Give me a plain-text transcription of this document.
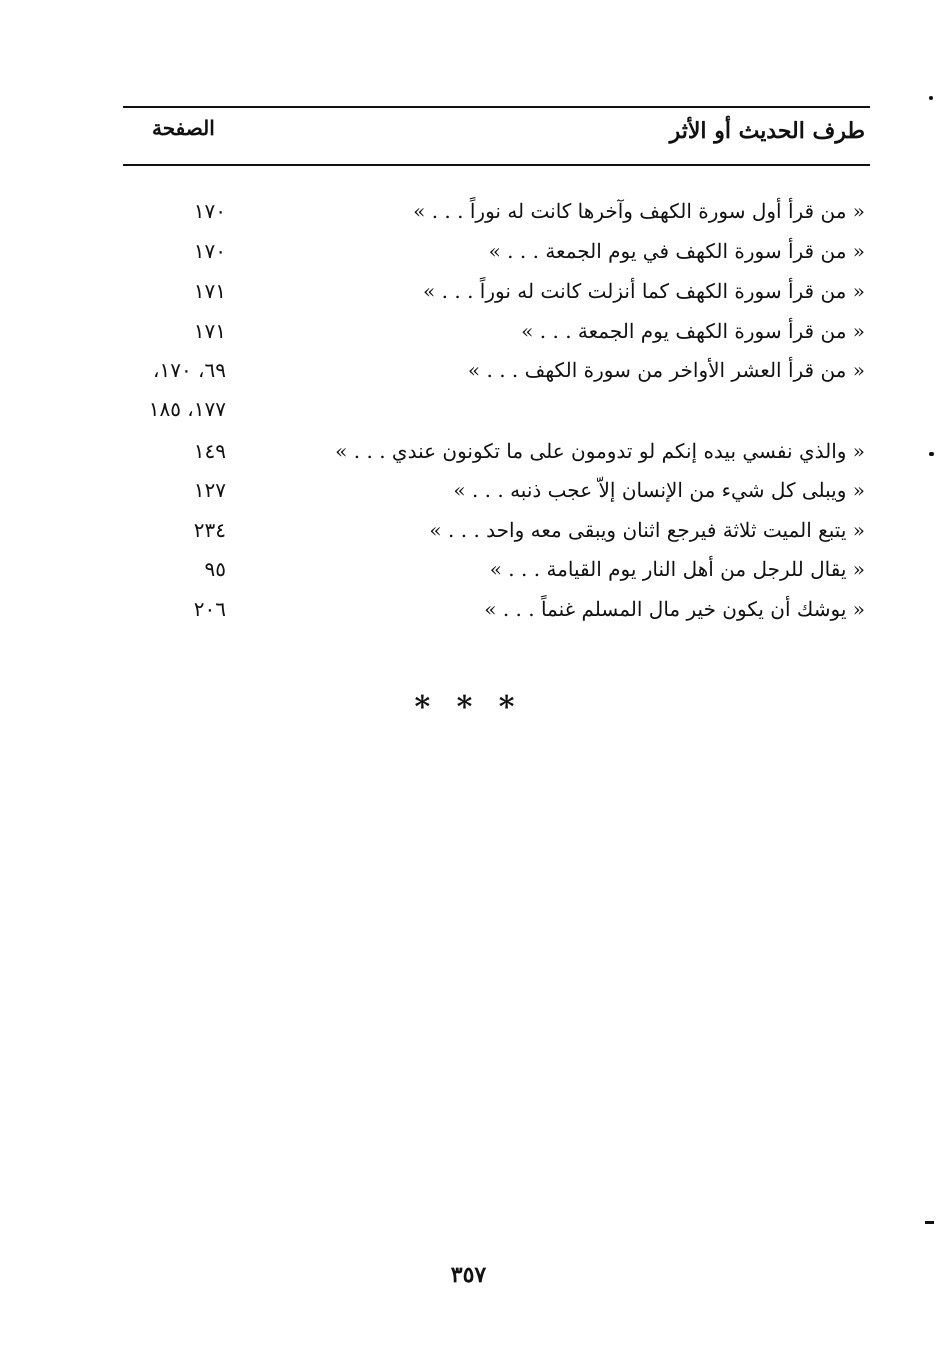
طرف الحديث أو الأثر
الصفحة
« من قرأ أول سورة الكهف وآخرها كانت له نوراً . . . »
١٧٠
« من قرأ سورة الكهف في يوم الجمعة . . . »
١٧٠
« من قرأ سورة الكهف كما أنزلت كانت له نوراً . . . »
١٧١
« من قرأ سورة الكهف يوم الجمعة . . . »
١٧١
« من قرأ العشر الأواخر من سورة الكهف . . . »
٦٩، ١٧٠،
١٧٧، ١٨٥
« والذي نفسي بيده إنكم لو تدومون على ما تكونون عندي . . . »
١٤٩
« ويبلى كل شيء من الإنسان إلاّ عجب ذنبه . . . »
١٢٧
« يتبع الميت ثلاثة فيرجع اثنان ويبقى معه واحد . . . »
٢٣٤
« يقال للرجل من أهل النار يوم القيامة . . . »
٩٥
« يوشك أن يكون خير مال المسلم غنماً . . . »
٢٠٦
* * *
٣٥٧
